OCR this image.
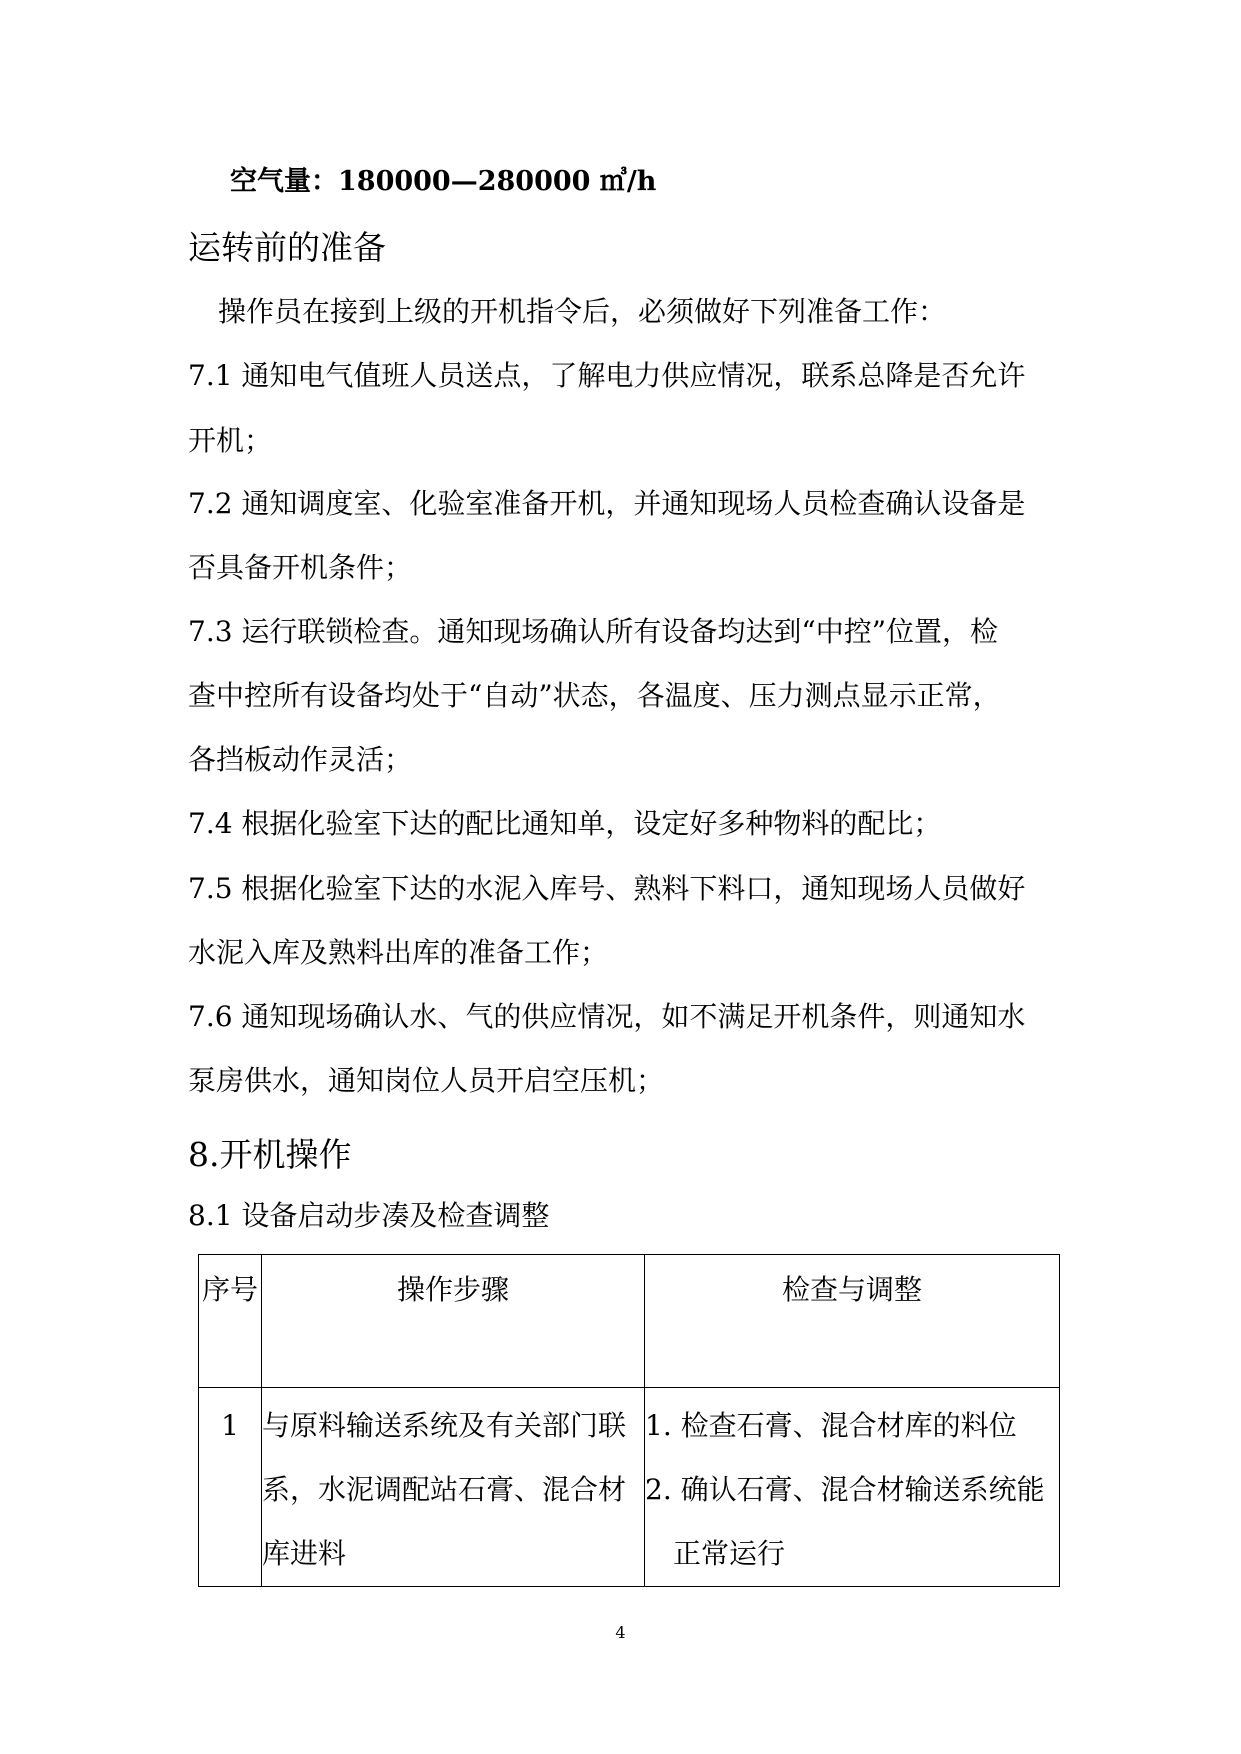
空气量：180000—280000 ㎥/h
运转前的准备
操作员在接到上级的开机指令后，必须做好下列准备工作：
7.1 通知电气值班人员送点，了解电力供应情况，联系总降是否允许
开机；
7.2 通知调度室、化验室准备开机，并通知现场人员检查确认设备是
否具备开机条件；
7.3 运行联锁检查。通知现场确认所有设备均达到“中控”位置，检
查中控所有设备均处于“自动”状态，各温度、压力测点显示正常，
各挡板动作灵活；
7.4 根据化验室下达的配比通知单，设定好多种物料的配比；
7.5 根据化验室下达的水泥入库号、熟料下料口，通知现场人员做好
水泥入库及熟料出库的准备工作；
7.6 通知现场确认水、气的供应情况，如不满足开机条件，则通知水
泵房供水，通知岗位人员开启空压机；
8.开机操作
8.1 设备启动步凑及检查调整
序号	操作步骤	检查与调整
1	与原料输送系统及有关部门联系，水泥调配站石膏、混合材库进料	1. 检查石膏、混合材库的料位
2. 确认石膏、混合材输送系统能
正常运行
4
